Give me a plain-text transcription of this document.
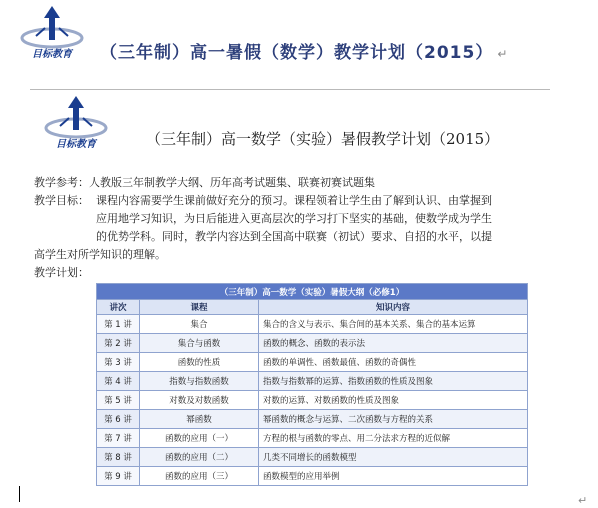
目标教育	（三年制）高一暑假（数学）教学计划（2015） ↵
目标教育	（三年制）高一数学（实验）暑假教学计划（2015）
教学参考：人教版三年制教学大纲、历年高考试题集、联赛初赛试题集
教学目标： 课程内容需要学生课前做好充分的预习。课程领着让学生由了解到认识、由掌握到
应用地学习知识，为日后能进入更高层次的学习打下坚实的基础，使数学成为学生
的优势学科。同时，教学内容达到全国高中联赛（初试）要求、自招的水平，以提
高学生对所学知识的理解。
教学计划：
（三年制）高一数学（实验）暑假大纲（必修1）		
讲次	课程	知识内容
第 1 讲	集合	集合的含义与表示、集合间的基本关系、集合的基本运算
第 2 讲	集合与函数	函数的概念、函数的表示法
第 3 讲	函数的性质	函数的单调性、函数最值、函数的奇偶性
第 4 讲	指数与指数函数	指数与指数幂的运算、指数函数的性质及图象
第 5 讲	对数及对数函数	对数的运算、对数函数的性质及图象
第 6 讲	幂函数	幂函数的概念与运算、二次函数与方程的关系
第 7 讲	函数的应用（一）	方程的根与函数的零点、用二分法求方程的近似解
第 8 讲	函数的应用（二）	几类不同增长的函数模型
第 9 讲	函数的应用（三）	函数模型的应用举例
↵
